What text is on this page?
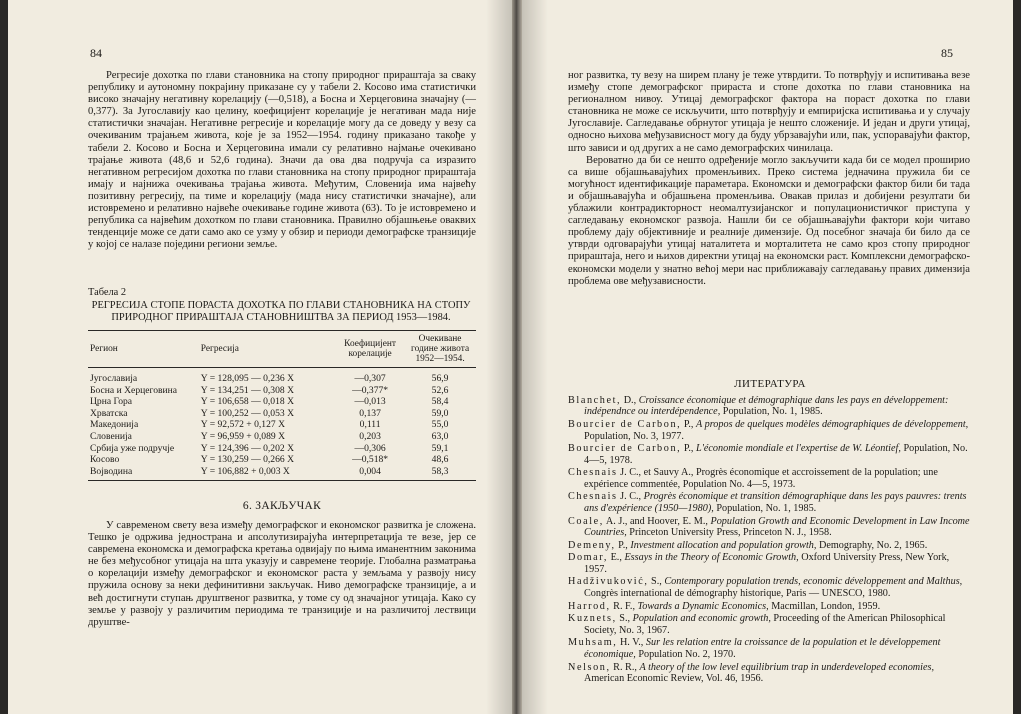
84

Регресије дохотка по глави становника на стопу природног прираштаја за сваку републику и аутономну покрајину приказане су у табели 2. Косово има статистички високо значајну негативну корелацију (—0,518), а Босна и Херцеговина значајну (—0,377). За Југославију као целину, коефицијент корелације је негативан мада није статистички значајан. Негативне регресије и корелације могу да се доведу у везу са очекиваним трајањем живота, које је за 1952—1954. годину приказано такође у табели 2. Косово и Босна и Херцеговина имали су релативно најмање очекивано трајање живота (48,6 и 52,6 година). Значи да ова два подручја са изразито негативном регресијом дохотка по глави становника на стопу природног прираштаја имају и најнижа очекивања трајања живота. Међутим, Словенија има највећу позитивну регресију, па тиме и корелацију (мада нису статистички значајне), али истовремено и релативно највеће очекивање године живота (63). То је истовремено и република са највећим дохотком по глави становника. Правилно објашњење оваквих тенденције може се дати само ако се узму у обзир и периоди демографске транзиције у којој се налазе поједини региони земље.

Табела 2
РЕГРЕСИЈА СТОПЕ ПОРАСТА ДОХОТКА ПО ГЛАВИ СТАНОВНИКА НА СТОПУ ПРИРОДНОГ ПРИРАШТАЈА СТАНОВНИШТВА ЗА ПЕРИОД 1953—1984.
Регион	Регресија	Коефицијент корелације	Очекиване године живота 1952—1954.
Југославија	Y = 128,095 — 0,236 X	—0,307	56,9
Босна и Херцеговина	Y = 134,251 — 0,308 X	—0,377*	52,6
Црна Гора	Y = 106,658 — 0,018 X	—0,013	58,4
Хрватска	Y = 100,252 — 0,053 X	0,137	59,0
Македонија	Y = 92,572 + 0,127 X	0,111	55,0
Словенија	Y = 96,959 + 0,089 X	0,203	63,0
Србија уже подручје	Y = 124,396 — 0,202 X	—0,306	59,1
Косово	Y = 130,259 — 0,266 X	—0,518*	48,6
Војводина	Y = 106,882 + 0,003 X	0,004	58,3
6. ЗАКЉУЧАК

У савременом свету веза између демографског и економског развитка је сложена. Тешко је одржива једнострана и апсолутизирајућа интерпретација те везе, јер се савремена економска и демографска кретања одвијају по њима иманентним законима не без међусобног утицаја на шта указују и савремене теорије. Глобална разматрања о корелацији између демографског и економског раста у земљама у развоју нису пружила основу за неки дефинитивни закључак. Ниво демографске транзиције, а и већ достигнути ступањ друштвеног развитка, у томе су од значајног утицаја. Како су земље у развоју у различитим периодима те транзиције и на различитој лествици друштве-

85

ног развитка, ту везу на ширем плану је теже утврдити. То потврђују и испитивања везе између стопе демографског прираста и стопе дохотка по глави становника на регионалном нивоу. Утицај демографског фактора на пораст дохотка по глави становника не може се искључити, што потврђују и емпиријска испитивања и у случају Југославије. Сагледавање обрнутог утицаја је нешто сложеније. И један и други утицај, односно њихова међузависност могу да буду убрзавајући или, пак, успоравајући фактор, што зависи и од других а не само демографских чинилаца.

Вероватно да би се нешто одређеније могло закључити када би се модел проширио са више објашњавајућих променљивих. Преко система једначина пружила би се могућност идентификације параметара. Економски и демографски фактор били би тада и објашњавајућа и објашњена променљива. Овакав прилаз и добијени резултати би ублажили контрадикторност неомалтузијанског и популационистичког приступа у сагледавању економског развоја. Нашли би се објашњавајући фактори који читаво проблему дају објективније и реалније димензије. Од посебног значаја би било да се утврди одговарајући утицај наталитета и морталитета не само кроз стопу природног прираштаја, него и њихов директни утицај на економски раст. Комплексни демографско-економски модели у знатно већој мери нас приближавају сагледавању правих димензија проблема ове међузависности.

ЛИТЕРАТУРА
Blanchet, D., Croissance économique et démographique dans les pays en développement: indépendnce ou interdépendence, Population, No. 1, 1985.
Bourcier de Carbon, P., A propos de quelques modèles démographiques de développement, Population, No. 3, 1977.
Bourcier de Carbon, P., L'économie mondiale et l'expertise de W. Léontief, Population, No. 4—5, 1978.
Chesnais J. C., et Sauvy A., Progrès économique et accroissement de la population; une expérience commentée, Population No. 4—5, 1973.
Chesnais J. C., Progrès économique et transition démographique dans les pays pauvres: trents ans d'expérience (1950—1980), Population, No. 1, 1985.
Coale, A. J., and Hoover, E. M., Population Growth and Economic Development in Law Income Countries, Princeton University Press, Princeton N. J., 1958.
Demeny, P., Investment allocation and population growth, Demography, No. 2, 1965.
Domar, E., Essays in the Theory of Economic Growth, Oxford University Press, New York, 1957.
Hadživuković, S., Contemporary population trends, economic développement and Malthus, Congrès international de démography historique, Paris — UNESCO, 1980.
Harrod, R. F., Towards a Dynamic Economics, Macmillan, London, 1959.
Kuznets, S., Population and economic growth, Proceeding of the American Philosophical Society, No. 3, 1967.
Muhsam, H. V., Sur les relation entre la croissance de la population et le développement économique, Population No. 2, 1970.
Nelson, R. R., A theory of the low level equilibrium trap in underdeveloped economies, American Economic Review, Vol. 46, 1956.
